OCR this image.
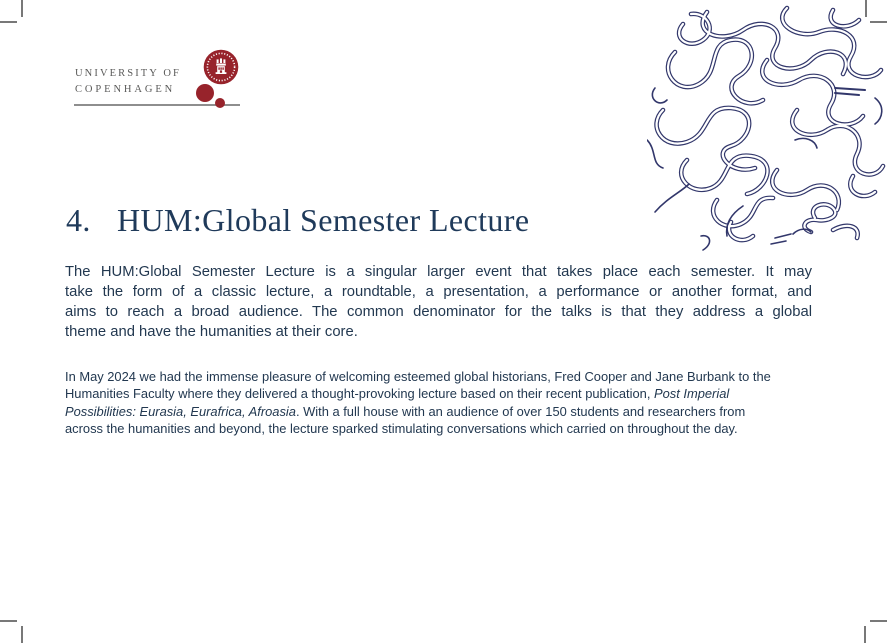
UNIVERSITY OF
COPENHAGEN
4. HUM:Global Semester Lecture
The HUM:Global Semester Lecture is a singular larger event that takes place each semester. It may
take the form of a classic lecture, a roundtable, a presentation, a performance or another format, and
aims to reach a broad audience. The common denominator for the talks is that they address a global
theme and have the humanities at their core.
In May 2024 we had the immense pleasure of welcoming esteemed global historians, Fred Cooper and Jane Burbank to the
Humanities Faculty where they delivered a thought-provoking lecture based on their recent publication, Post Imperial
Possibilities: Eurasia, Eurafrica, Afroasia. With a full house with an audience of over 150 students and researchers from
across the humanities and beyond, the lecture sparked stimulating conversations which carried on throughout the day.
